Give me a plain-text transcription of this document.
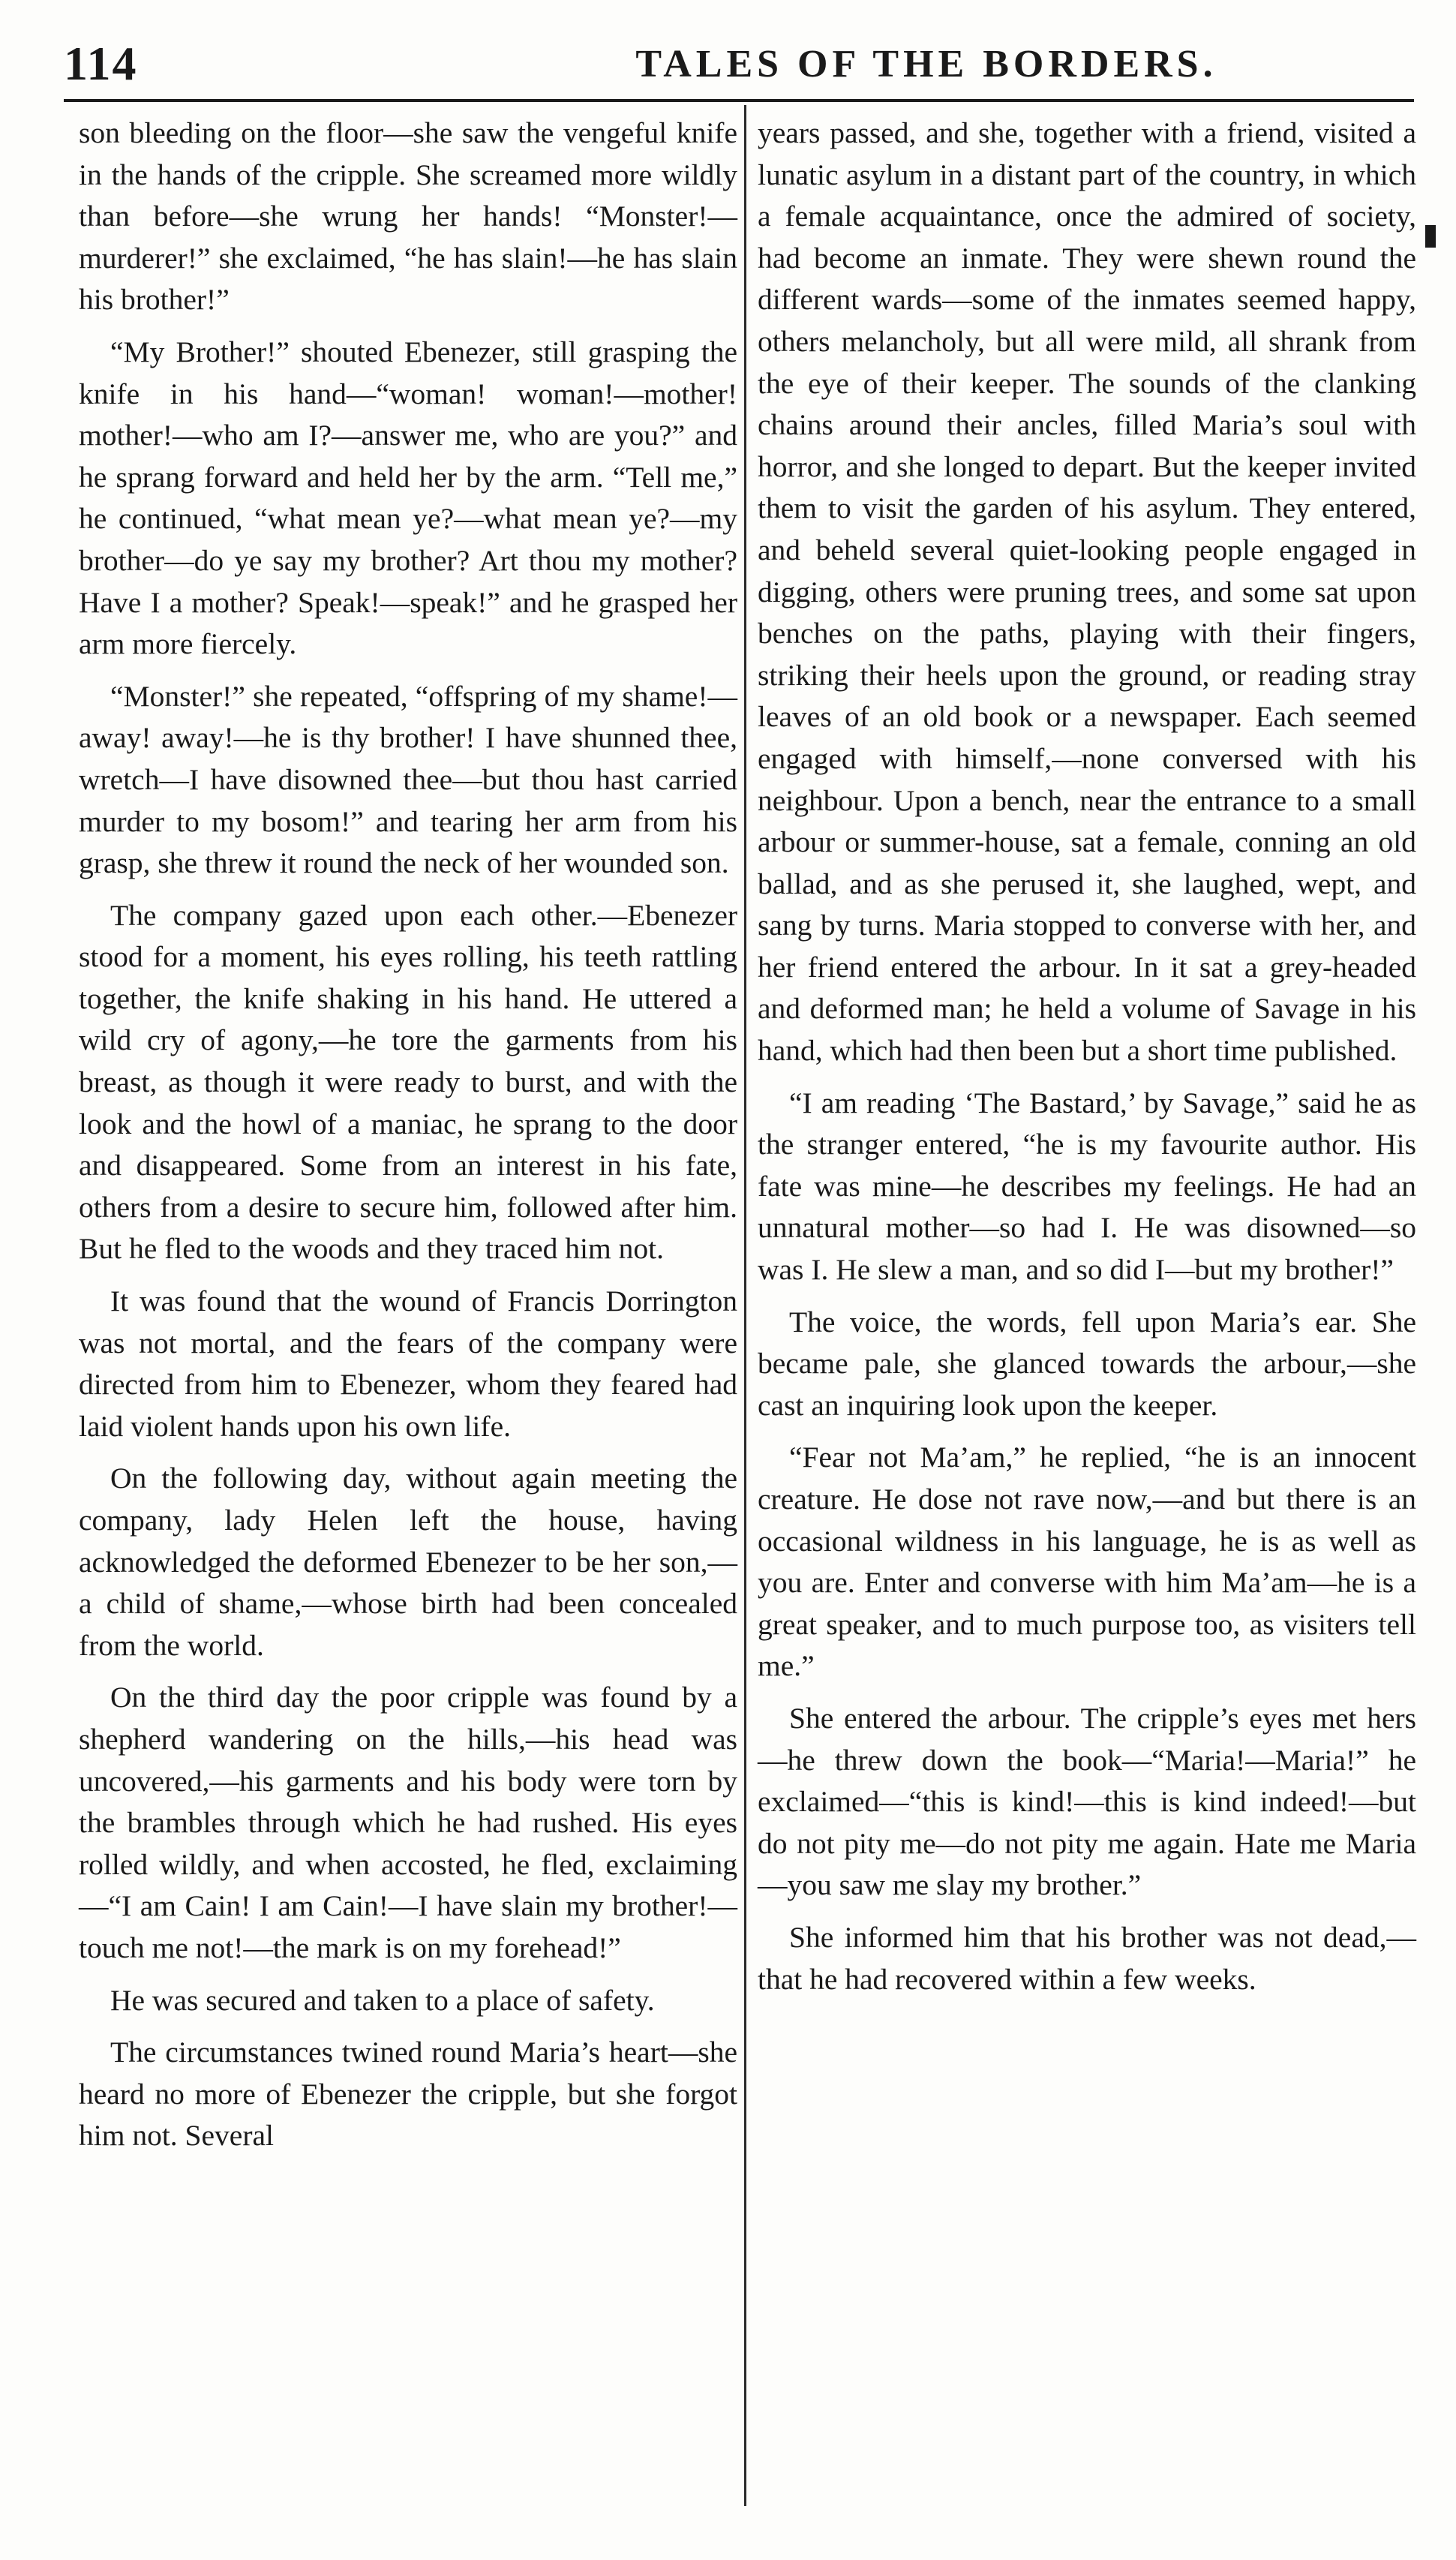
114	TALES OF THE BORDERS.

son bleeding on the floor—she saw the vengeful knife in the hands of the cripple. She screamed more wildly than before—she wrung her hands! “Monster!—murderer!” she exclaimed, “he has slain!—he has slain his brother!”

“My Brother!” shouted Ebenezer, still grasping the knife in his hand—“woman! woman!—mother! mother!—who am I?—answer me, who are you?” and he sprang forward and held her by the arm. “Tell me,” he continued, “what mean ye?—what mean ye?—my brother—do ye say my brother? Art thou my mother? Have I a mother? Speak!—speak!” and he grasped her arm more fiercely.

“Monster!” she repeated, “offspring of my shame!—away! away!—he is thy brother! I have shunned thee, wretch—I have disowned thee—but thou hast carried murder to my bosom!” and tearing her arm from his grasp, she threw it round the neck of her wounded son.

The company gazed upon each other.—Ebenezer stood for a moment, his eyes rolling, his teeth rattling together, the knife shaking in his hand. He uttered a wild cry of agony,—he tore the garments from his breast, as though it were ready to burst, and with the look and the howl of a maniac, he sprang to the door and disappeared. Some from an interest in his fate, others from a desire to secure him, followed after him. But he fled to the woods and they traced him not.

It was found that the wound of Francis Dorrington was not mortal, and the fears of the company were directed from him to Ebenezer, whom they feared had laid violent hands upon his own life.

On the following day, without again meeting the company, lady Helen left the house, having acknowledged the deformed Ebenezer to be her son,—a child of shame,—whose birth had been concealed from the world.

On the third day the poor cripple was found by a shepherd wandering on the hills,—his head was uncovered,—his garments and his body were torn by the brambles through which he had rushed. His eyes rolled wildly, and when accosted, he fled, exclaiming—“I am Cain! I am Cain!—I have slain my brother!—touch me not!—the mark is on my forehead!”

He was secured and taken to a place of safety.

The circumstances twined round Maria’s heart—she heard no more of Ebenezer the cripple, but she forgot him not. Several

years passed, and she, together with a friend, visited a lunatic asylum in a distant part of the country, in which a female acquaintance, once the admired of society, had become an inmate. They were shewn round the different wards—some of the inmates seemed happy, others melancholy, but all were mild, all shrank from the eye of their keeper. The sounds of the clanking chains around their ancles, filled Maria’s soul with horror, and she longed to depart. But the keeper invited them to visit the garden of his asylum. They entered, and beheld several quiet-looking people engaged in digging, others were pruning trees, and some sat upon benches on the paths, playing with their fingers, striking their heels upon the ground, or reading stray leaves of an old book or a newspaper. Each seemed engaged with himself,—none conversed with his neighbour. Upon a bench, near the entrance to a small arbour or summer-house, sat a female, conning an old ballad, and as she perused it, she laughed, wept, and sang by turns. Maria stopped to converse with her, and her friend entered the arbour. In it sat a grey-headed and deformed man; he held a volume of Savage in his hand, which had then been but a short time published.

“I am reading ‘The Bastard,’ by Savage,” said he as the stranger entered, “he is my favourite author. His fate was mine—he describes my feelings. He had an unnatural mother—so had I. He was disowned—so was I. He slew a man, and so did I—but my brother!”

The voice, the words, fell upon Maria’s ear. She became pale, she glanced towards the arbour,—she cast an inquiring look upon the keeper.

“Fear not Ma’am,” he replied, “he is an innocent creature. He dose not rave now,—and but there is an occasional wildness in his language, he is as well as you are. Enter and converse with him Ma’am—he is a great speaker, and to much purpose too, as visiters tell me.”

She entered the arbour. The cripple’s eyes met hers—he threw down the book—“Maria!—Maria!” he exclaimed—“this is kind!—this is kind indeed!—but do not pity me—do not pity me again. Hate me Maria—you saw me slay my brother.”

She informed him that his brother was not dead,—that he had recovered within a few weeks.
